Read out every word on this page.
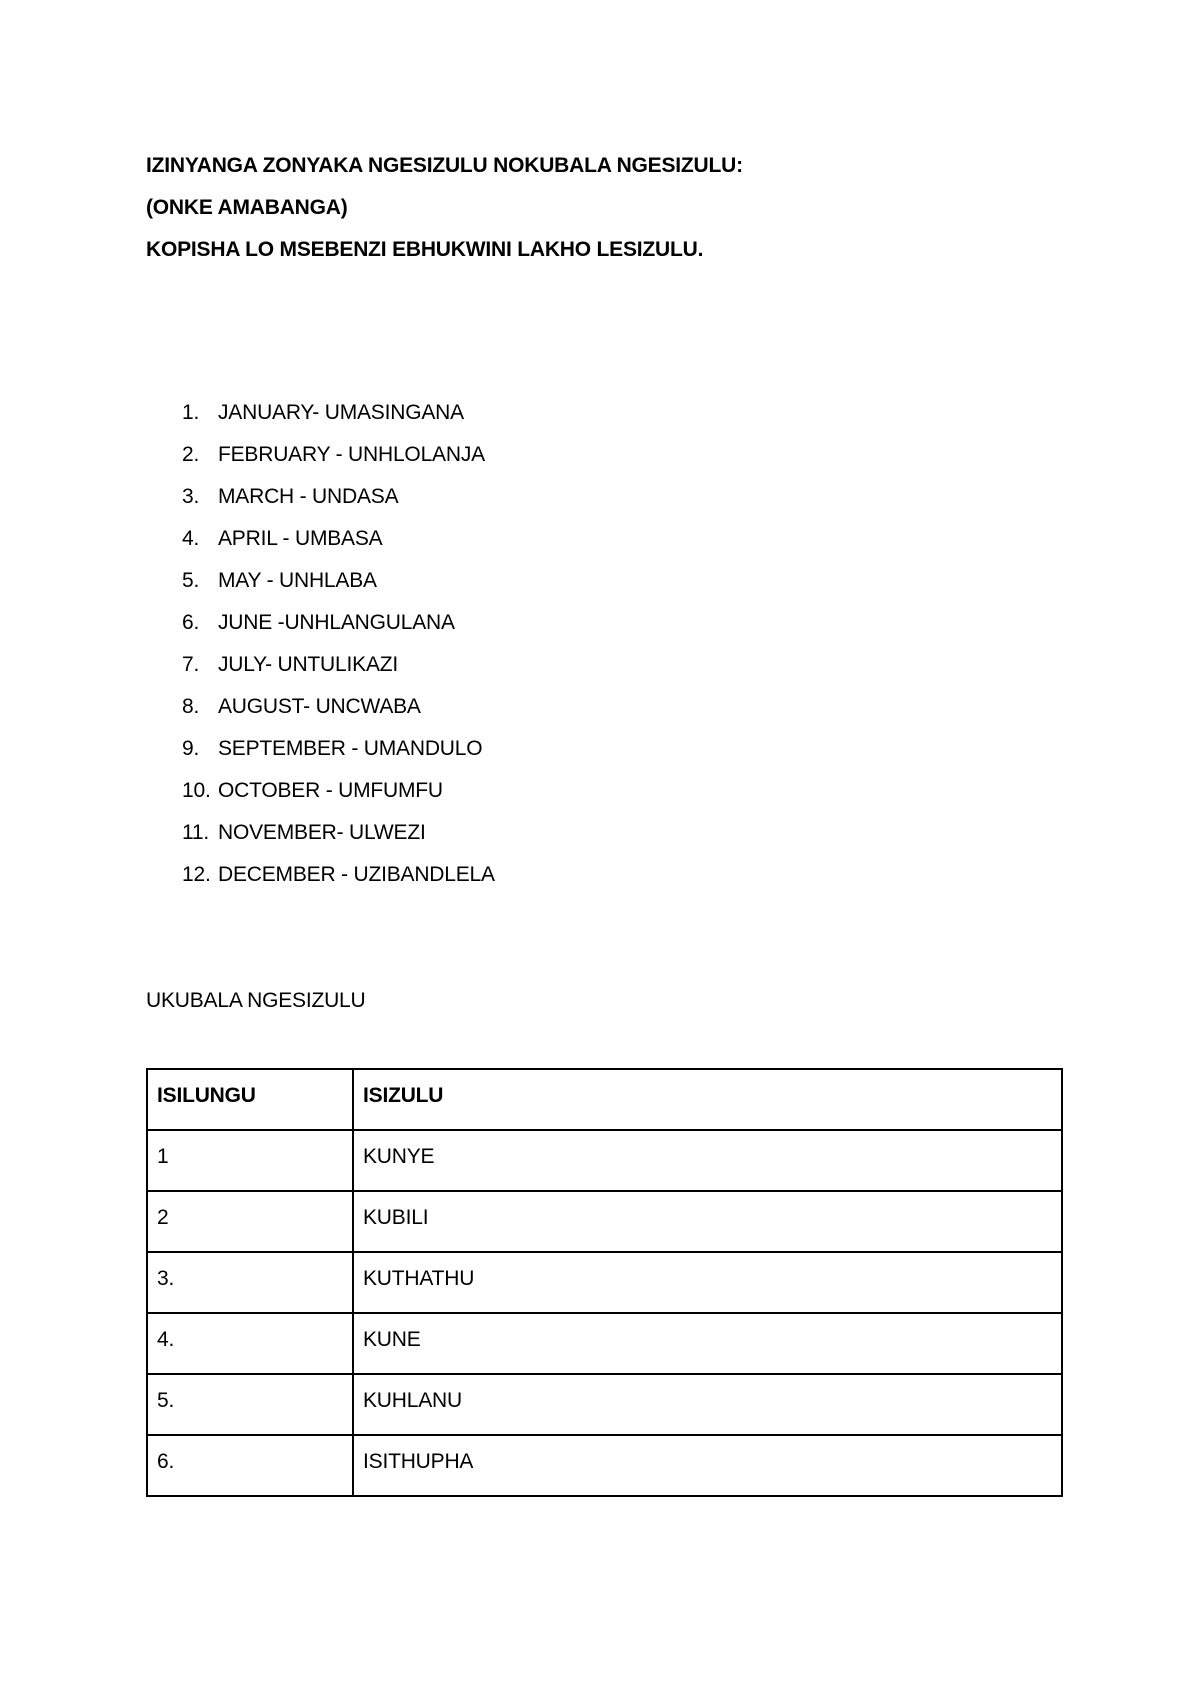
IZINYANGA ZONYAKA NGESIZULU NOKUBALA NGESIZULU:
(ONKE AMABANGA)
KOPISHA LO MSEBENZI EBHUKWINI LAKHO LESIZULU.
1. JANUARY- UMASINGANA
2. FEBRUARY - UNHLOLANJA
3. MARCH - UNDASA
4. APRIL - UMBASA
5. MAY - UNHLABA
6. JUNE -UNHLANGULANA
7. JULY- UNTULIKAZI
8. AUGUST- UNCWABA
9. SEPTEMBER - UMANDULO
10. OCTOBER - UMFUMFU
11. NOVEMBER- ULWEZI
12. DECEMBER - UZIBANDLELA
UKUBALA NGESIZULU
ISILUNGU	ISIZULU

1	KUNYE

2	KUBILI

3.	KUTHATHU

4.	KUNE

5.	KUHLANU

6.	ISITHUPHA
